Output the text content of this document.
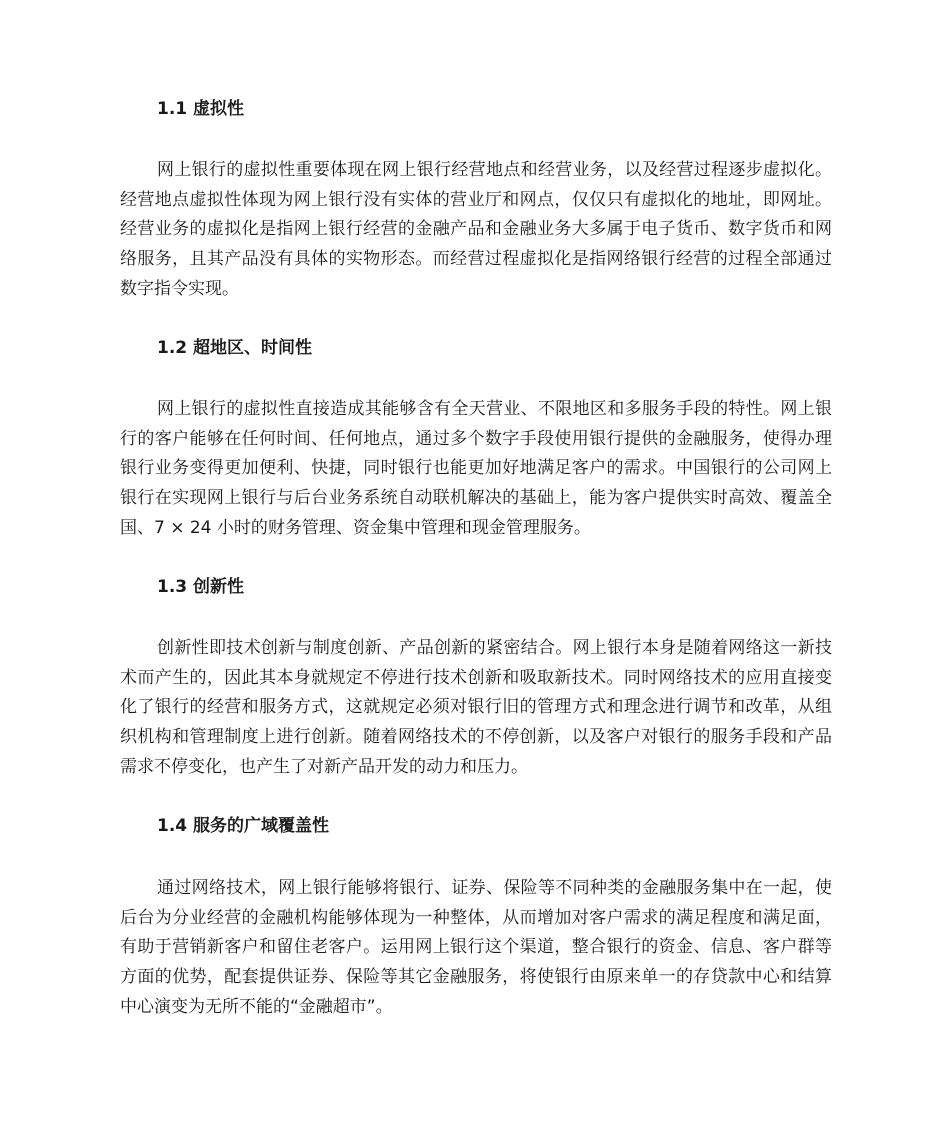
1.1 虚拟性

网上银行的虚拟性重要体现在网上银行经营地点和经营业务，以及经营过程逐步虚拟化。经营地点虚拟性体现为网上银行没有实体的营业厅和网点，仅仅只有虚拟化的地址，即网址。经营业务的虚拟化是指网上银行经营的金融产品和金融业务大多属于电子货币、数字货币和网络服务，且其产品没有具体的实物形态。而经营过程虚拟化是指网络银行经营的过程全部通过数字指令实现。

1.2 超地区、时间性

网上银行的虚拟性直接造成其能够含有全天营业、不限地区和多服务手段的特性。网上银行的客户能够在任何时间、任何地点，通过多个数字手段使用银行提供的金融服务，使得办理银行业务变得更加便利、快捷，同时银行也能更加好地满足客户的需求。中国银行的公司网上银行在实现网上银行与后台业务系统自动联机解决的基础上，能为客户提供实时高效、覆盖全国、7 × 24 小时的财务管理、资金集中管理和现金管理服务。

1.3 创新性

创新性即技术创新与制度创新、产品创新的紧密结合。网上银行本身是随着网络这一新技术而产生的，因此其本身就规定不停进行技术创新和吸取新技术。同时网络技术的应用直接变化了银行的经营和服务方式，这就规定必须对银行旧的管理方式和理念进行调节和改革，从组织机构和管理制度上进行创新。随着网络技术的不停创新，以及客户对银行的服务手段和产品需求不停变化，也产生了对新产品开发的动力和压力。

1.4 服务的广域覆盖性

通过网络技术，网上银行能够将银行、证券、保险等不同种类的金融服务集中在一起，使后台为分业经营的金融机构能够体现为一种整体，从而增加对客户需求的满足程度和满足面，有助于营销新客户和留住老客户。运用网上银行这个渠道，整合银行的资金、信息、客户群等方面的优势，配套提供证券、保险等其它金融服务，将使银行由原来单一的存贷款中心和结算中心演变为无所不能的“金融超市”。
